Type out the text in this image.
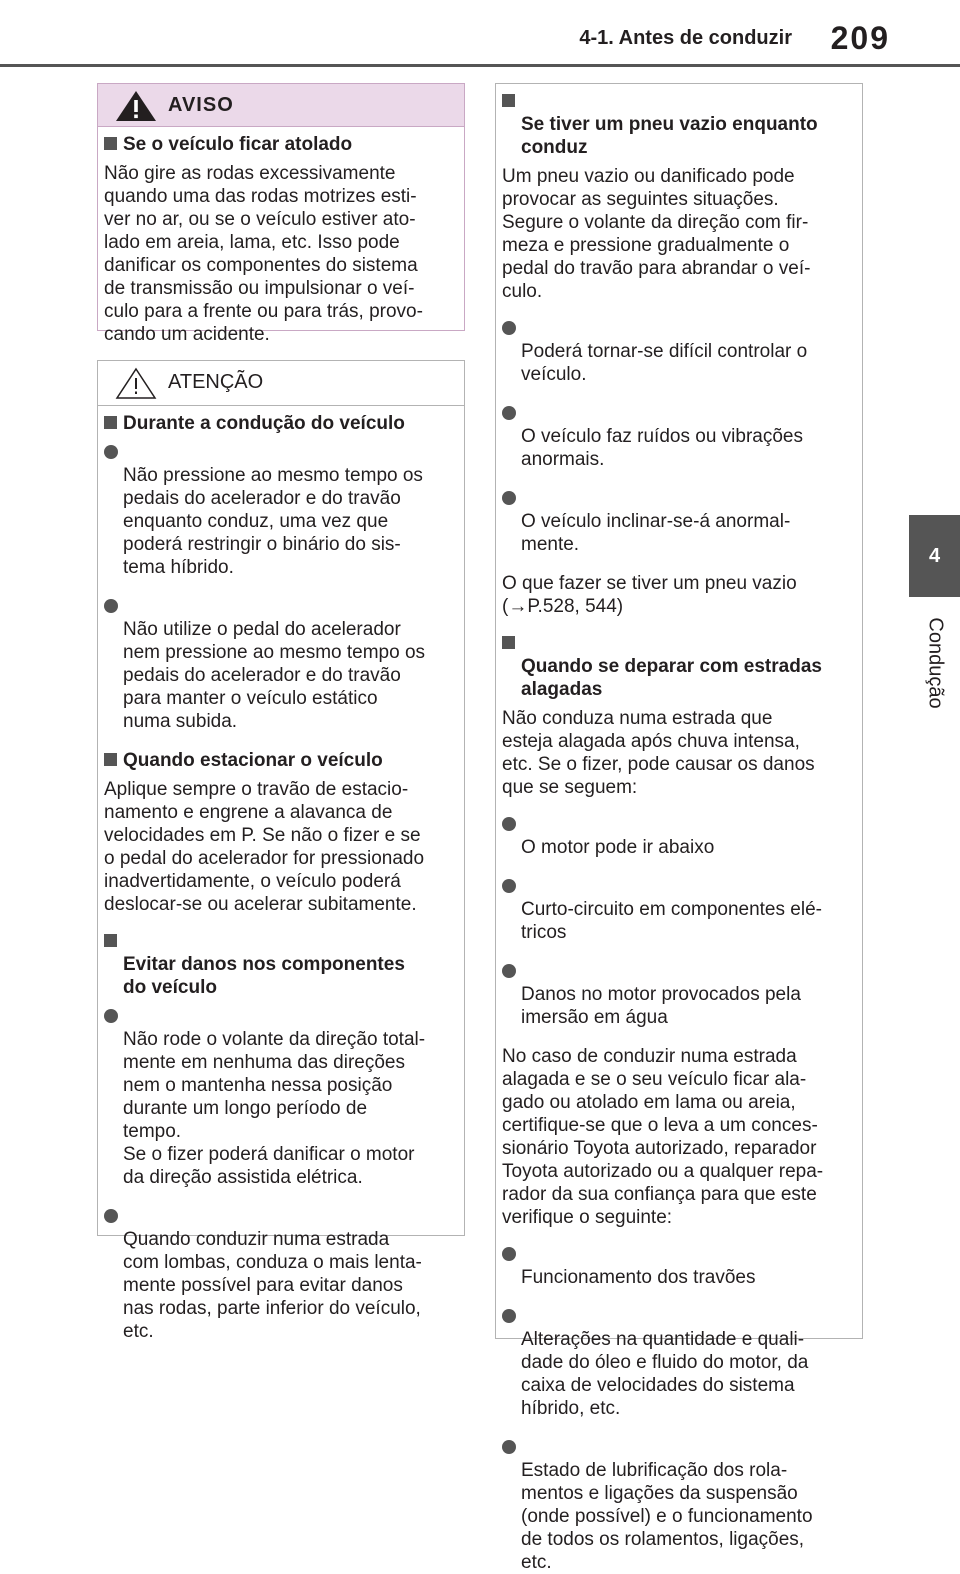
4-1. Antes de conduzir 209
4
Condução
AVISO
Se o veículo ficar atolado
Não gire as rodas excessivamente
quando uma das rodas motrizes esti-
ver no ar, ou se o veículo estiver ato-
lado em areia, lama, etc. Isso pode
danificar os componentes do sistema
de transmissão ou impulsionar o veí-
culo para a frente ou para trás, provo-
cando um acidente.
ATENÇÃO
Durante a condução do veículo

Não pressione ao mesmo tempo os
pedais do acelerador e do travão
enquanto conduz, uma vez que
poderá restringir o binário do sis-
tema híbrido.

Não utilize o pedal do acelerador
nem pressione ao mesmo tempo os
pedais do acelerador e do travão
para manter o veículo estático
numa subida.

Quando estacionar o veículo
Aplique sempre o travão de estacio-
namento e engrene a alavanca de
velocidades em P. Se não o fizer e se
o pedal do acelerador for pressionado
inadvertidamente, o veículo poderá
deslocar-se ou acelerar subitamente.

Evitar danos nos componentes
do veículo

Não rode o volante da direção total-
mente em nenhuma das direções
nem o mantenha nessa posição
durante um longo período de
tempo.
Se o fizer poderá danificar o motor
da direção assistida elétrica.

Quando conduzir numa estrada
com lombas, conduza o mais lenta-
mente possível para evitar danos
nas rodas, parte inferior do veículo,
etc.

Se tiver um pneu vazio enquanto
conduz

Um pneu vazio ou danificado pode
provocar as seguintes situações.
Segure o volante da direção com fir-
meza e pressione gradualmente o
pedal do travão para abrandar o veí-
culo.

Poderá tornar-se difícil controlar o
veículo.

O veículo faz ruídos ou vibrações
anormais.

O veículo inclinar-se-á anormal-
mente.

O que fazer se tiver um pneu vazio
(→P.528, 544)

Quando se deparar com estradas
alagadas

Não conduza numa estrada que
esteja alagada após chuva intensa,
etc. Se o fizer, pode causar os danos
que se seguem:

O motor pode ir abaixo

Curto-circuito em componentes elé-
tricos

Danos no motor provocados pela
imersão em água

No caso de conduzir numa estrada
alagada e se o seu veículo ficar ala-
gado ou atolado em lama ou areia,
certifique-se que o leva a um conces-
sionário Toyota autorizado, reparador
Toyota autorizado ou a qualquer repa-
rador da sua confiança para que este
verifique o seguinte:

Funcionamento dos travões

Alterações na quantidade e quali-
dade do óleo e fluido do motor, da
caixa de velocidades do sistema
híbrido, etc.

Estado de lubrificação dos rola-
mentos e ligações da suspensão
(onde possível) e o funcionamento
de todos os rolamentos, ligações,
etc.
